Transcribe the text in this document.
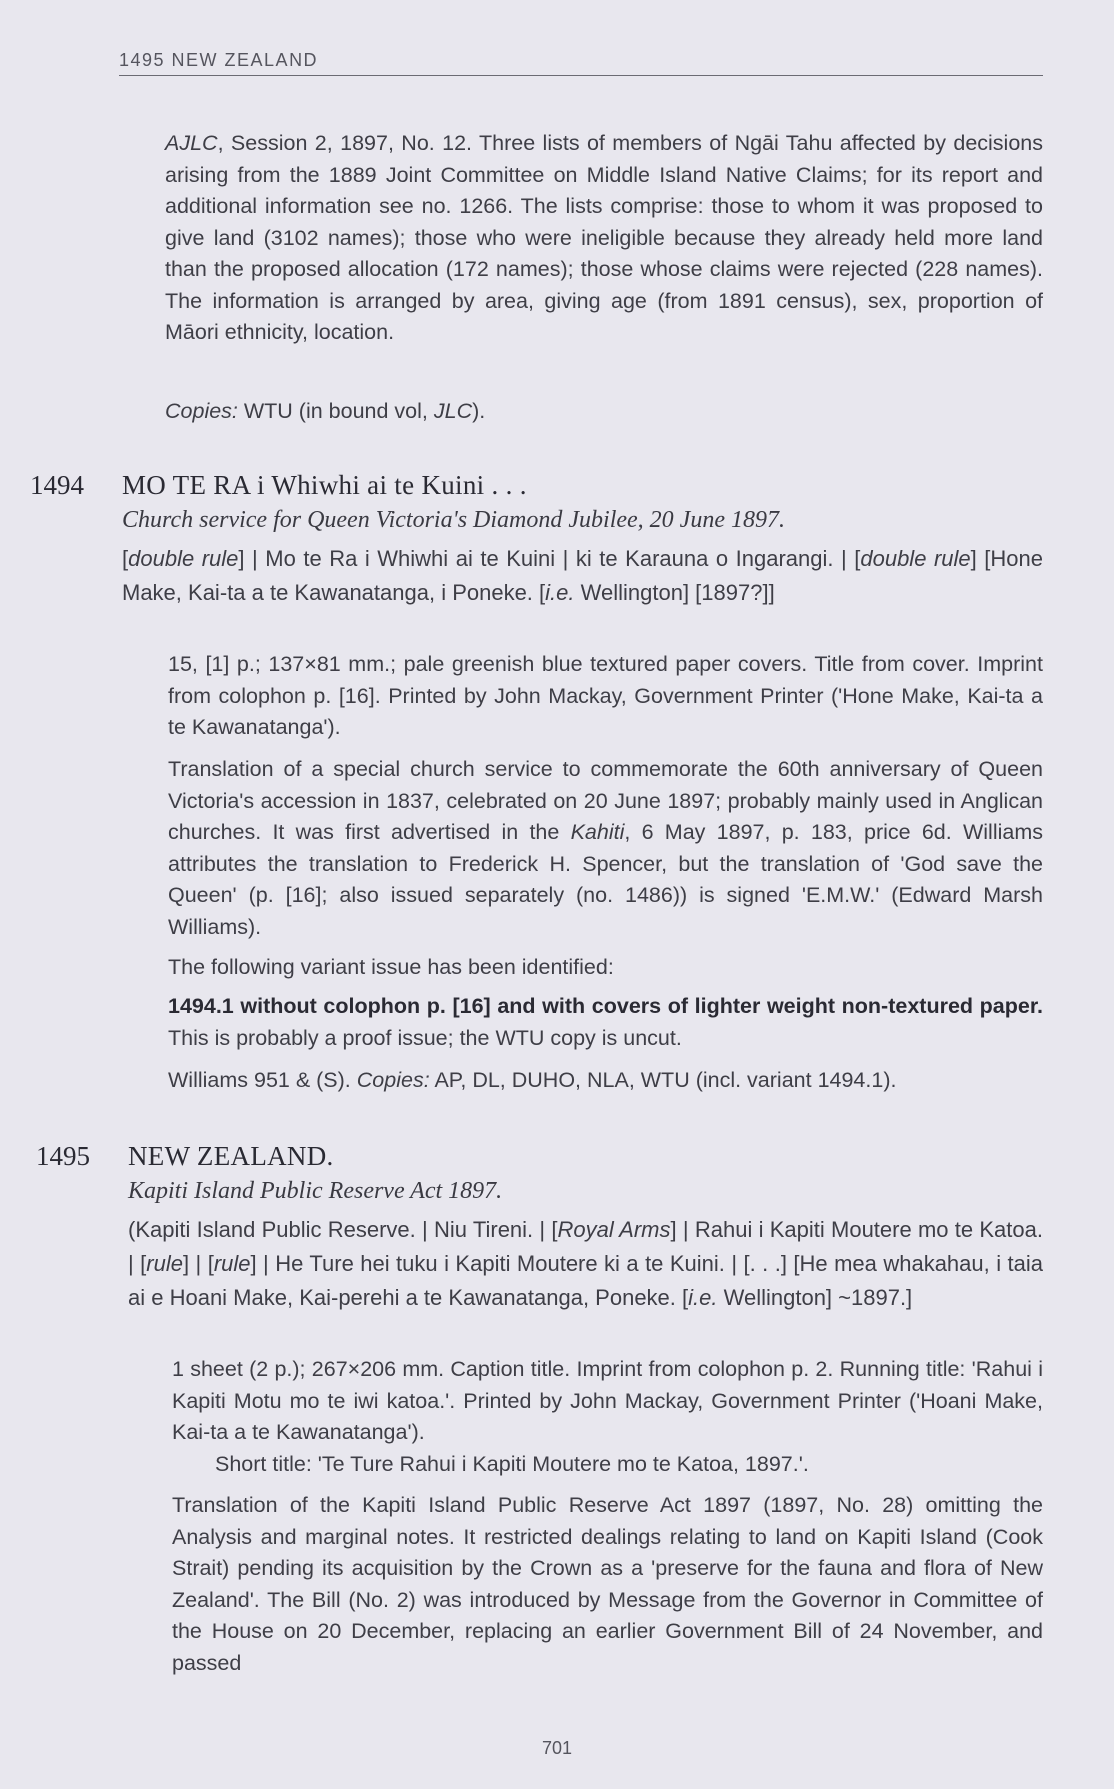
1495 NEW ZEALAND

AJLC, Session 2, 1897, No. 12. Three lists of members of Ngāi Tahu affected by decisions arising from the 1889 Joint Committee on Middle Island Native Claims; for its report and additional information see no. 1266. The lists comprise: those to whom it was proposed to give land (3102 names); those who were ineligible because they already held more land than the proposed allocation (172 names); those whose claims were rejected (228 names). The information is arranged by area, giving age (from 1891 census), sex, proportion of Māori ethnicity, location.

Copies: WTU (in bound vol, JLC).

1494 MO TE RA i Whiwhi ai te Kuini . . .
Church service for Queen Victoria's Diamond Jubilee, 20 June 1897.

[double rule] | Mo te Ra i Whiwhi ai te Kuini | ki te Karauna o Ingarangi. | [double rule] [Hone Make, Kai-ta a te Kawanatanga, i Poneke. [i.e. Wellington] [1897?]]

15, [1] p.; 137×81 mm.; pale greenish blue textured paper covers. Title from cover. Imprint from colophon p. [16]. Printed by John Mackay, Government Printer ('Hone Make, Kai-ta a te Kawanatanga').

Translation of a special church service to commemorate the 60th anniversary of Queen Victoria's accession in 1837, celebrated on 20 June 1897; probably mainly used in Anglican churches. It was first advertised in the Kahiti, 6 May 1897, p. 183, price 6d. Williams attributes the translation to Frederick H. Spencer, but the translation of 'God save the Queen' (p. [16]; also issued separately (no. 1486)) is signed 'E.M.W.' (Edward Marsh Williams).

The following variant issue has been identified:

1494.1 without colophon p. [16] and with covers of lighter weight non-textured paper. This is probably a proof issue; the WTU copy is uncut.

Williams 951 & (S). Copies: AP, DL, DUHO, NLA, WTU (incl. variant 1494.1).

1495 NEW ZEALAND.
Kapiti Island Public Reserve Act 1897.

(Kapiti Island Public Reserve. | Niu Tireni. | [Royal Arms] | Rahui i Kapiti Moutere mo te Katoa. | [rule] | [rule] | He Ture hei tuku i Kapiti Moutere ki a te Kuini. | [. . .] [He mea whakahau, i taia ai e Hoani Make, Kai-perehi a te Kawanatanga, Poneke. [i.e. Wellington] ~1897.]

1 sheet (2 p.); 267×206 mm. Caption title. Imprint from colophon p. 2. Running title: 'Rahui i Kapiti Motu mo te iwi katoa.'. Printed by John Mackay, Government Printer ('Hoani Make, Kai-ta a te Kawanatanga').
Short title: 'Te Ture Rahui i Kapiti Moutere mo te Katoa, 1897.'.
Translation of the Kapiti Island Public Reserve Act 1897 (1897, No. 28) omitting the Analysis and marginal notes. It restricted dealings relating to land on Kapiti Island (Cook Strait) pending its acquisition by the Crown as a 'preserve for the fauna and flora of New Zealand'. The Bill (No. 2) was introduced by Message from the Governor in Committee of the House on 20 December, replacing an earlier Government Bill of 24 November, and passed
701
